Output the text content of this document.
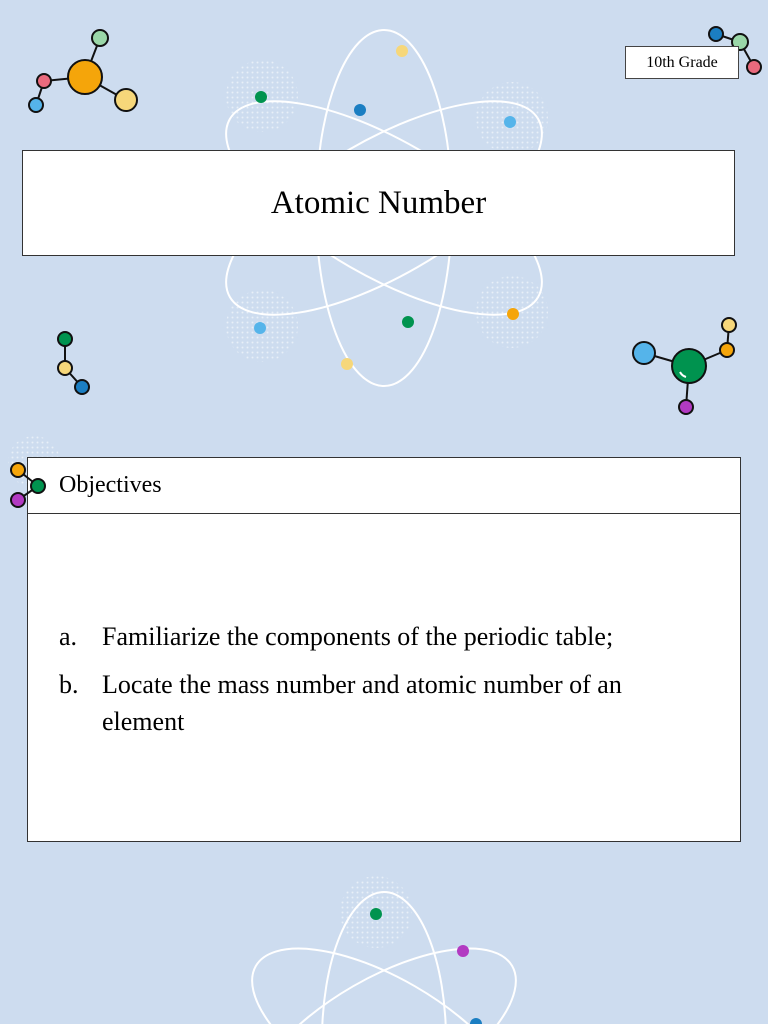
10th Grade
Atomic Number
Objectives
a. Familiarize the components of the periodic table;
b. Locate the mass number and atomic number of an element
